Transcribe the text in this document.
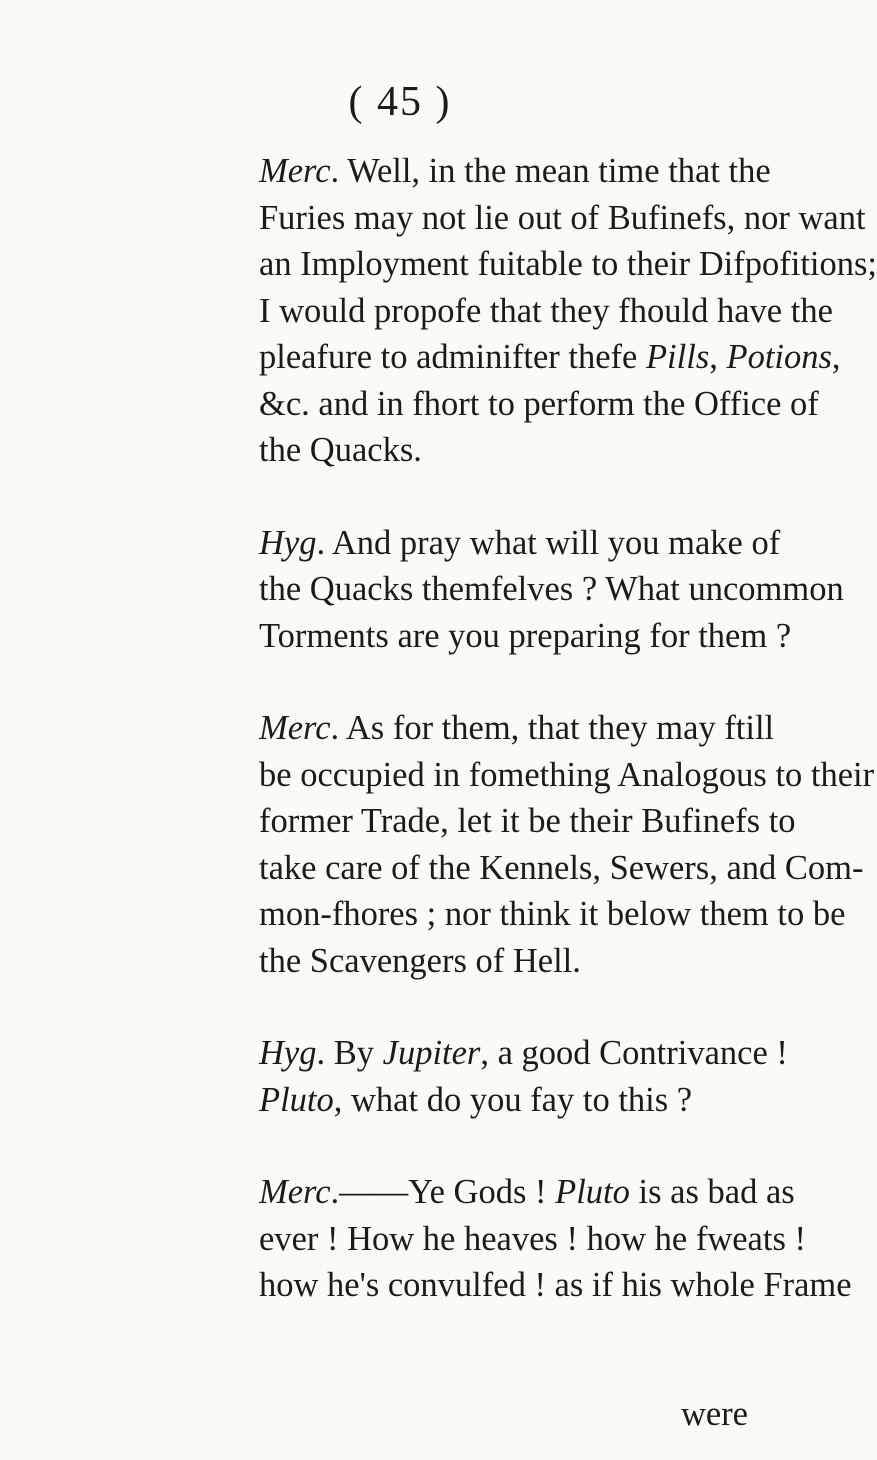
( 45 )
Merc. Well, in the mean time that the
Furies may not lie out of Bufinefs, nor want
an Imployment fuitable to their Difpofitions;
I would propofe that they fhould have the
pleafure to adminifter thefe Pills, Potions,
&c. and in fhort to perform the Office of
the Quacks.
Hyg. And pray what will you make of
the Quacks themfelves ? What uncommon
Torments are you preparing for them ?
Merc. As for them, that they may ftill
be occupied in fomething Analogous to their
former Trade, let it be their Bufinefs to
take care of the Kennels, Sewers, and Com-
mon-fhores ; nor think it below them to be
the Scavengers of Hell.
Hyg. By Jupiter, a good Contrivance !
Pluto, what do you fay to this ?
Merc.——Ye Gods ! Pluto is as bad as
ever ! How he heaves ! how he fweats !
how he's convulfed ! as if his whole Frame
were
